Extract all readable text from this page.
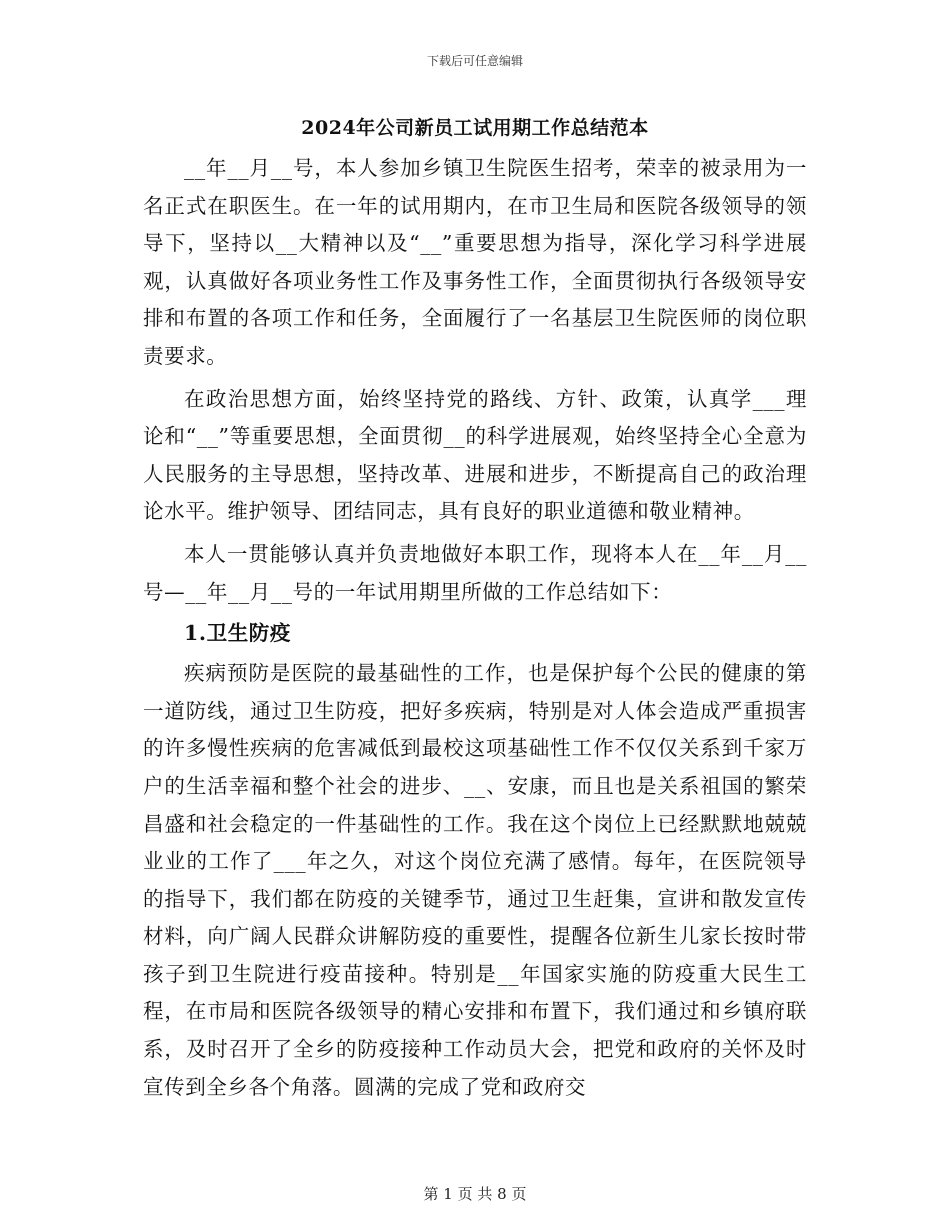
下载后可任意编辑
2024年公司新员工试用期工作总结范本

__年__月__号，本人参加乡镇卫生院医生招考，荣幸的被录用为一名正式在职医生。在一年的试用期内，在市卫生局和医院各级领导的领导下，坚持以__大精神以及“__”重要思想为指导，深化学习科学进展观，认真做好各项业务性工作及事务性工作，全面贯彻执行各级领导安排和布置的各项工作和任务，全面履行了一名基层卫生院医师的岗位职责要求。

在政治思想方面，始终坚持党的路线、方针、政策，认真学___理论和“__”等重要思想，全面贯彻__的科学进展观，始终坚持全心全意为人民服务的主导思想，坚持改革、进展和进步，不断提高自己的政治理论水平。维护领导、团结同志，具有良好的职业道德和敬业精神。

本人一贯能够认真并负责地做好本职工作，现将本人在__年__月__号—__年__月__号的一年试用期里所做的工作总结如下：

1.卫生防疫

疾病预防是医院的最基础性的工作，也是保护每个公民的健康的第一道防线，通过卫生防疫，把好多疾病，特别是对人体会造成严重损害的许多慢性疾病的危害减低到最校这项基础性工作不仅仅关系到千家万户的生活幸福和整个社会的进步、__、安康，而且也是关系祖国的繁荣昌盛和社会稳定的一件基础性的工作。我在这个岗位上已经默默地兢兢业业的工作了___年之久，对这个岗位充满了感情。每年，在医院领导的指导下，我们都在防疫的关键季节，通过卫生赶集，宣讲和散发宣传材料，向广阔人民群众讲解防疫的重要性，提醒各位新生儿家长按时带孩子到卫生院进行疫苗接种。特别是__年国家实施的防疫重大民生工程，在市局和医院各级领导的精心安排和布置下，我们通过和乡镇府联系，及时召开了全乡的防疫接种工作动员大会，把党和政府的关怀及时宣传到全乡各个角落。圆满的完成了党和政府交

第 1 页 共 8 页
